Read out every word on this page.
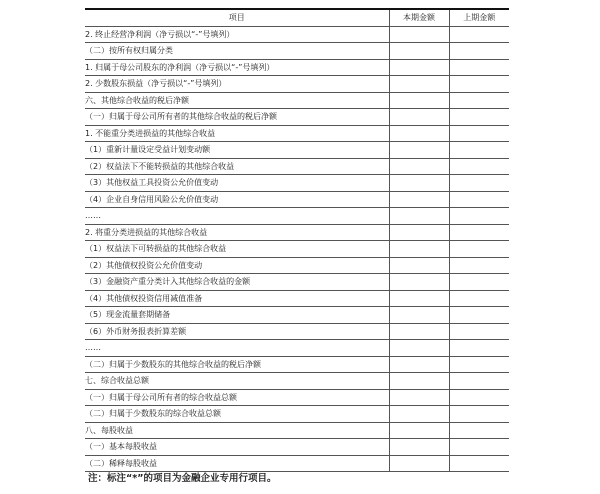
项目	本期金额	上期金额
2. 终止经营净利润（净亏损以“-”号填列）		
（二）按所有权归属分类		
1. 归属于母公司股东的净利润（净亏损以“-”号填列）		
2. 少数股东损益（净亏损以“-”号填列）		
六、其他综合收益的税后净额		
（一）归属于母公司所有者的其他综合收益的税后净额		
1. 不能重分类进损益的其他综合收益		
（1）重新计量设定受益计划变动额		
（2）权益法下不能转损益的其他综合收益		
（3）其他权益工具投资公允价值变动		
（4）企业自身信用风险公允价值变动		
……		
2. 将重分类进损益的其他综合收益		
（1）权益法下可转损益的其他综合收益		
（2）其他债权投资公允价值变动		
（3）金融资产重分类计入其他综合收益的金额		
（4）其他债权投资信用减值准备		
（5）现金流量套期储备		
（6）外币财务报表折算差额		
……		
（二）归属于少数股东的其他综合收益的税后净额		
七、综合收益总额		
（一）归属于母公司所有者的综合收益总额		
（二）归属于少数股东的综合收益总额		
八、每股收益		
（一）基本每股收益		
（二）稀释每股收益		
注：标注“*”的项目为金融企业专用行项目。
